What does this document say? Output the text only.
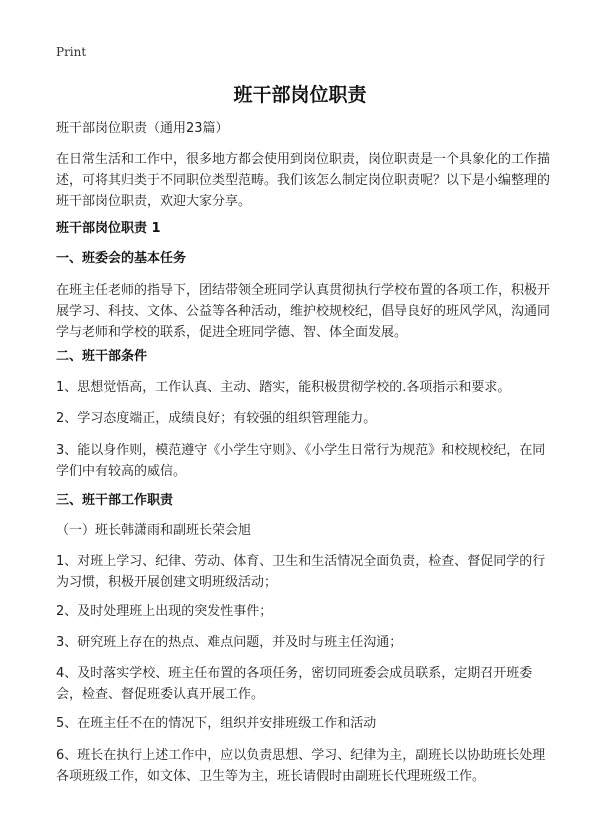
Print
班干部岗位职责

班干部岗位职责（通用23篇）

在日常生活和工作中，很多地方都会使用到岗位职责，岗位职责是一个具象化的工作描述，可将其归类于不同职位类型范畴。我们该怎么制定岗位职责呢？以下是小编整理的班干部岗位职责，欢迎大家分享。

班干部岗位职责 1

一、班委会的基本任务

在班主任老师的指导下，团结带领全班同学认真贯彻执行学校布置的各项工作，积极开展学习、科技、文体、公益等各种活动，维护校规校纪，倡导良好的班风学风，沟通同学与老师和学校的联系，促进全班同学德、智、体全面发展。

二、班干部条件

1、思想觉悟高，工作认真、主动、踏实，能积极贯彻学校的.各项指示和要求。

2、学习态度端正，成绩良好；有较强的组织管理能力。

3、能以身作则，模范遵守《小学生守则》、《小学生日常行为规范》和校规校纪，在同学们中有较高的威信。

三、班干部工作职责

（一）班长韩潇雨和副班长荣会旭

1、对班上学习、纪律、劳动、体育、卫生和生活情况全面负责，检查、督促同学的行为习惯，积极开展创建文明班级活动；

2、及时处理班上出现的突发性事件；

3、研究班上存在的热点、难点问题，并及时与班主任沟通；

4、及时落实学校、班主任布置的各项任务，密切同班委会成员联系，定期召开班委会，检查、督促班委认真开展工作。

5、在班主任不在的情况下，组织并安排班级工作和活动

6、班长在执行上述工作中，应以负责思想、学习、纪律为主，副班长以协助班长处理各项班级工作，如文体、卫生等为主，班长请假时由副班长代理班级工作。
